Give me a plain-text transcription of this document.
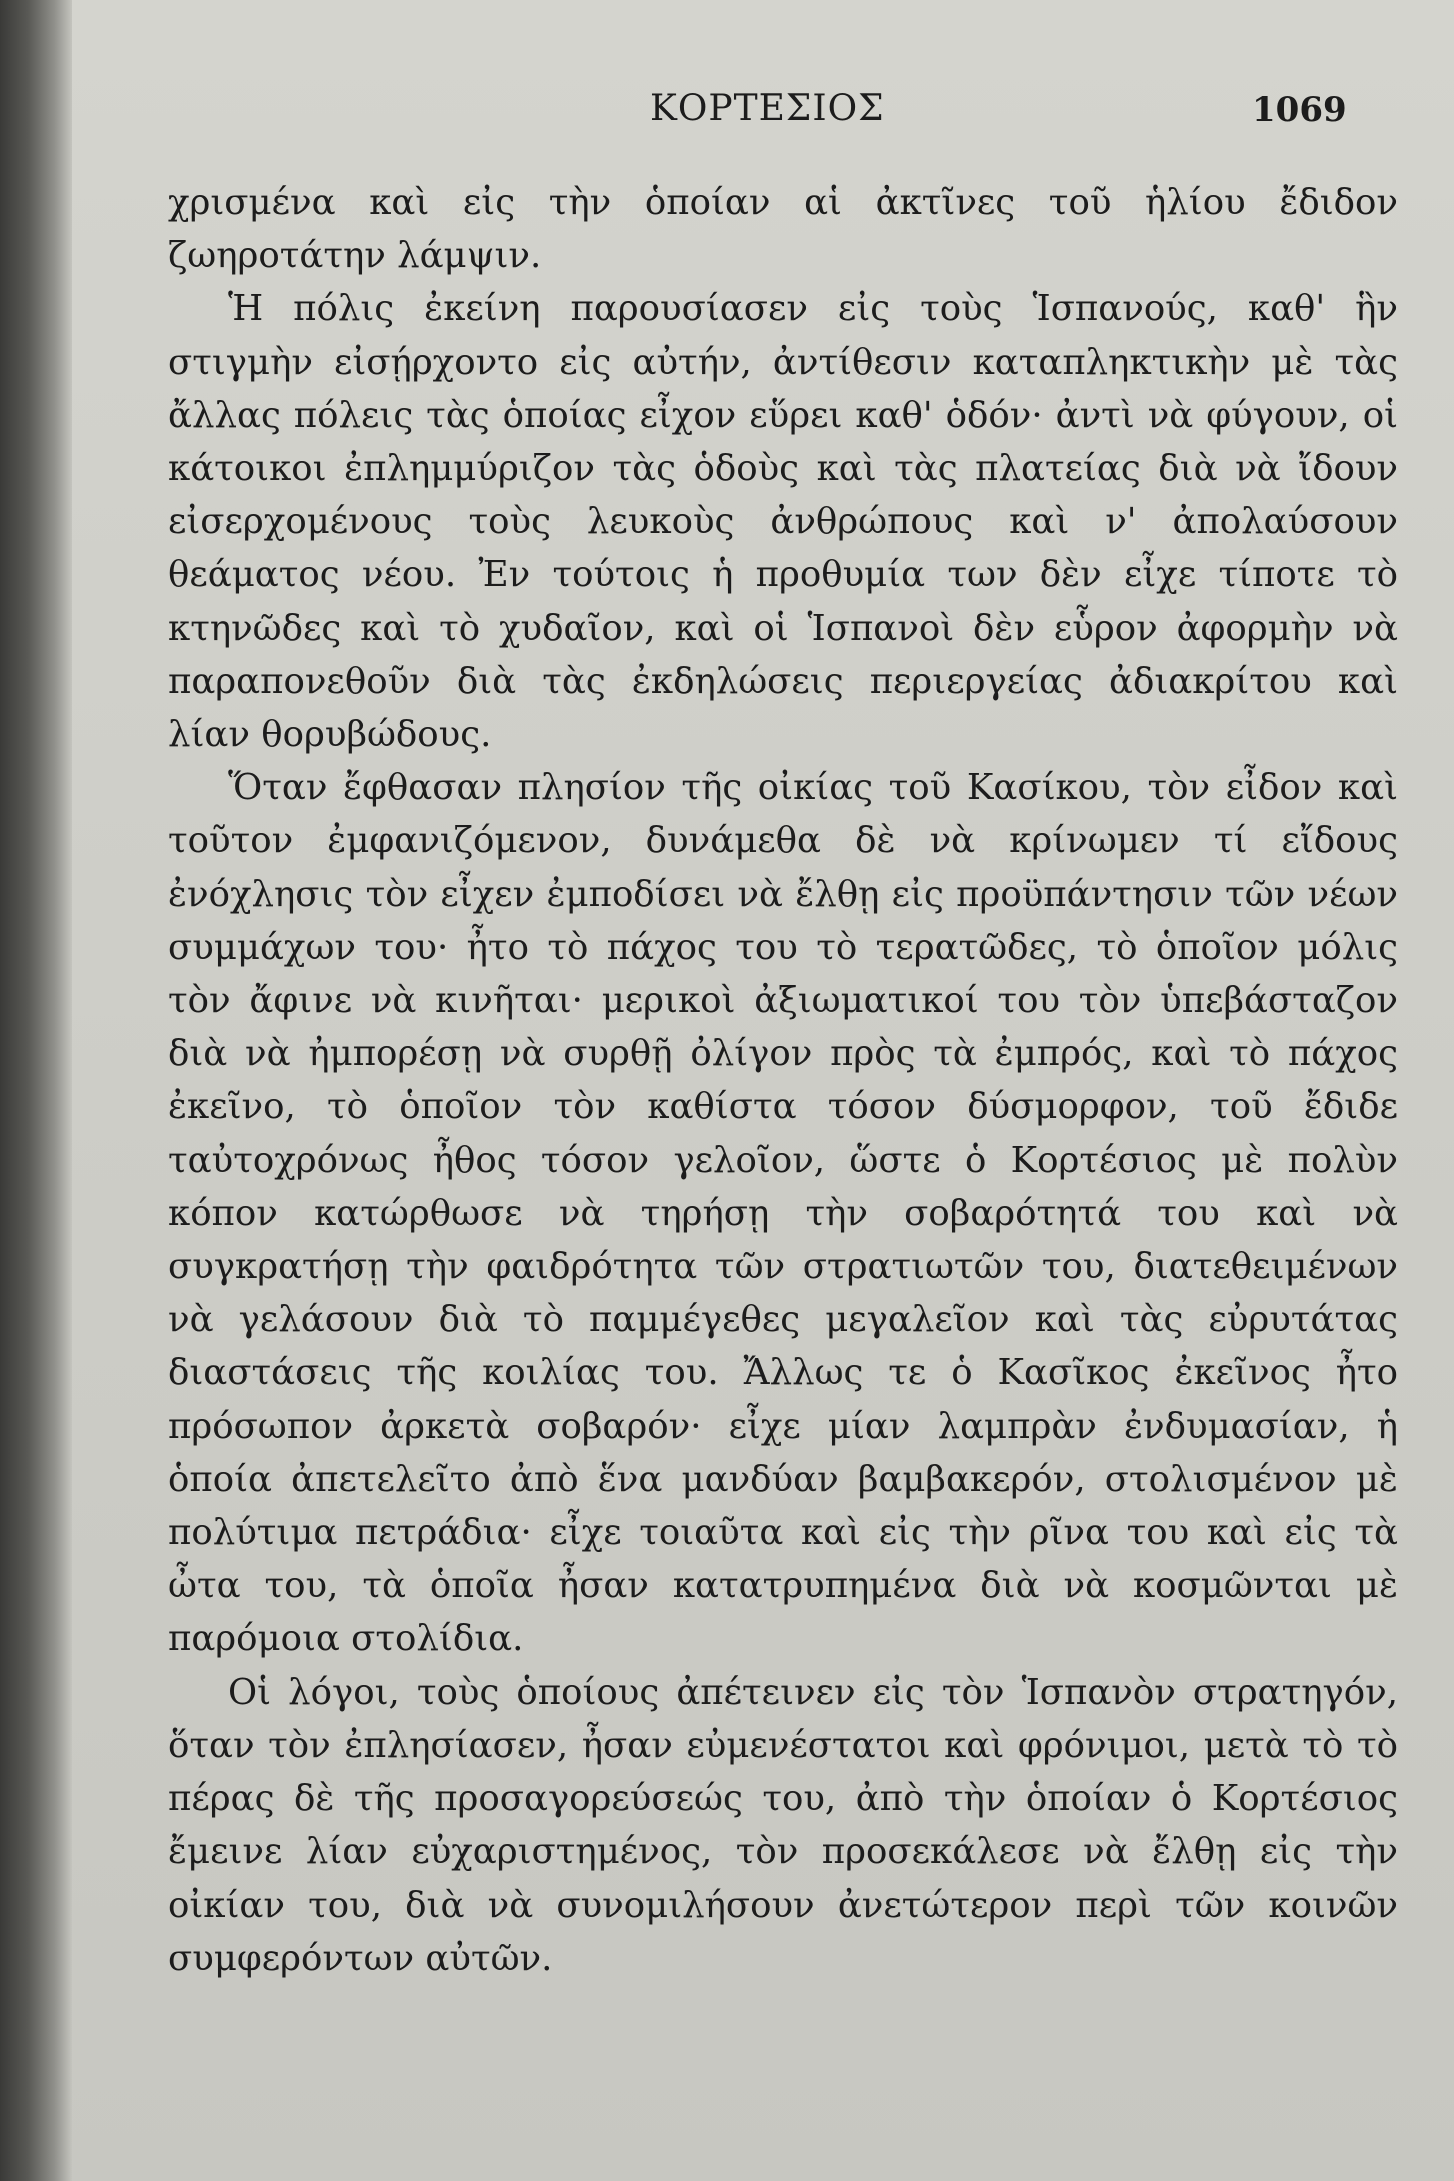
ΚΟΡΤΕΣΙΟΣ	1069

χρισμένα καὶ εἰς τὴν ὁποίαν αἱ ἀκτῖνες τοῦ ἡλίου ἔδιδον ζωηροτάτην λάμψιν.

Ἡ πόλις ἐκείνη παρουσίασεν εἰς τοὺς Ἱσπανούς, καθ' ἣν στιγμὴν εἰσῄρχοντο εἰς αὐτήν, ἀντίθεσιν καταπληκτικὴν μὲ τὰς ἄλλας πόλεις τὰς ὁποίας εἶχον εὕρει καθ' ὁδόν· ἀντὶ νὰ φύγουν, οἱ κάτοικοι ἐπλημμύριζον τὰς ὁδοὺς καὶ τὰς πλατείας διὰ νὰ ἴδουν εἰσερχομένους τοὺς λευκοὺς ἀνθρώπους καὶ ν' ἀπολαύσουν θεάματος νέου. Ἐν τούτοις ἡ προθυμία των δὲν εἶχε τίποτε τὸ κτηνῶδες καὶ τὸ χυδαῖον, καὶ οἱ Ἱσπανοὶ δὲν εὗρον ἀφορμὴν νὰ παραπονεθοῦν διὰ τὰς ἐκδηλώσεις περιεργείας ἀδιακρίτου καὶ λίαν θορυβώδους.

Ὅταν ἔφθασαν πλησίον τῆς οἰκίας τοῦ Κασίκου, τὸν εἶδον καὶ τοῦτον ἐμφανιζόμενον, δυνάμεθα δὲ νὰ κρίνωμεν τί εἴδους ἐνόχλησις τὸν εἶχεν ἐμποδίσει νὰ ἔλθῃ εἰς προϋπάντησιν τῶν νέων συμμάχων του· ἦτο τὸ πάχος του τὸ τερατῶδες, τὸ ὁποῖον μόλις τὸν ἄφινε νὰ κινῆται· μερικοὶ ἀξιωματικοί του τὸν ὑπεβάσταζον διὰ νὰ ἠμπορέσῃ νὰ συρθῇ ὀλίγον πρὸς τὰ ἐμπρός, καὶ τὸ πάχος ἐκεῖνο, τὸ ὁποῖον τὸν καθίστα τόσον δύσμορφον, τοῦ ἔδιδε ταὐτοχρόνως ἦθος τόσον γελοῖον, ὥστε ὁ Κορτέσιος μὲ πολὺν κόπον κατώρθωσε νὰ τηρήσῃ τὴν σοβαρότητά του καὶ νὰ συγκρατήσῃ τὴν φαιδρότητα τῶν στρατιωτῶν του, διατεθειμένων νὰ γελάσουν διὰ τὸ παμμέγεθες μεγαλεῖον καὶ τὰς εὐρυτάτας διαστάσεις τῆς κοιλίας του. Ἄλλως τε ὁ Κασῖκος ἐκεῖνος ἦτο πρόσωπον ἀρκετὰ σοβαρόν· εἶχε μίαν λαμπρὰν ἐνδυμασίαν, ἡ ὁποία ἀπετελεῖτο ἀπὸ ἕνα μανδύαν βαμβακερόν, στολισμένον μὲ πολύτιμα πετράδια· εἶχε τοιαῦτα καὶ εἰς τὴν ρῖνα του καὶ εἰς τὰ ὦτα του, τὰ ὁποῖα ἦσαν κατατρυπημένα διὰ νὰ κοσμῶνται μὲ παρόμοια στολίδια.

Οἱ λόγοι, τοὺς ὁποίους ἀπέτεινεν εἰς τὸν Ἱσπανὸν στρατηγόν, ὅταν τὸν ἐπλησίασεν, ἦσαν εὐμενέστατοι καὶ φρόνιμοι, μετὰ τὸ τὸ πέρας δὲ τῆς προσαγορεύσεώς του, ἀπὸ τὴν ὁποίαν ὁ Κορτέσιος ἔμεινε λίαν εὐχαριστημένος, τὸν προσεκάλεσε νὰ ἔλθῃ εἰς τὴν οἰκίαν του, διὰ νὰ συνομιλήσουν ἀνετώτερον περὶ τῶν κοινῶν συμφερόντων αὐτῶν.
